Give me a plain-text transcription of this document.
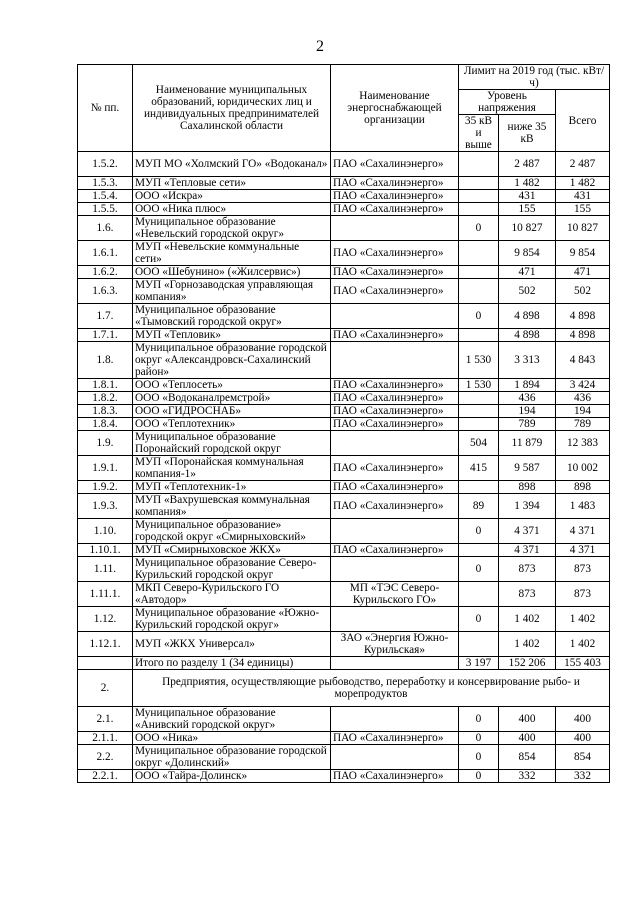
2
№ пп.	Наименование муниципальных образований, юридических лиц и индивидуальных предпринимателей Сахалинской области	Наименование энергоснабжающей организации	Лимит на 2019 год (тыс. кВт/ч)		
			Уровень напряжения		Всего
			35 кВ и выше	ниже 35 кВ	
1.5.2.	МУП МО «Холмский ГО» «Водоканал»	ПАО «Сахалинэнерго»		2 487	2 487
1.5.3.	МУП «Тепловые сети»	ПАО «Сахалинэнерго»		1 482	1 482
1.5.4.	ООО «Искра»	ПАО «Сахалинэнерго»		431	431
1.5.5.	ООО «Ника плюс»	ПАО «Сахалинэнерго»		155	155
1.6.	Муниципальное образование «Невельский городской округ»		0	10 827	10 827
1.6.1.	МУП «Невельские коммунальные сети»	ПАО «Сахалинэнерго»		9 854	9 854
1.6.2.	ООО «Шебунино» («Жилсервис»)	ПАО «Сахалинэнерго»		471	471
1.6.3.	МУП «Горнозаводская управляющая компания»	ПАО «Сахалинэнерго»		502	502
1.7.	Муниципальное образование «Тымовский городской округ»		0	4 898	4 898
1.7.1.	МУП «Тепловик»	ПАО «Сахалинэнерго»		4 898	4 898
1.8.	Муниципальное образование городской округ «Александровск-Сахалинский район»		1 530	3 313	4 843
1.8.1.	ООО «Теплосеть»	ПАО «Сахалинэнерго»	1 530	1 894	3 424
1.8.2.	ООО «Водоканалремстрой»	ПАО «Сахалинэнерго»		436	436
1.8.3.	ООО «ГИДРОСНАБ»	ПАО «Сахалинэнерго»		194	194
1.8.4.	ООО «Теплотехник»	ПАО «Сахалинэнерго»		789	789
1.9.	Муниципальное образование Поронайский городской округ		504	11 879	12 383
1.9.1.	МУП «Поронайская коммунальная компания-1»	ПАО «Сахалинэнерго»	415	9 587	10 002
1.9.2.	МУП «Теплотехник-1»	ПАО «Сахалинэнерго»		898	898
1.9.3.	МУП «Вахрушевская коммунальная компания»	ПАО «Сахалинэнерго»	89	1 394	1 483
1.10.	Муниципальное образование» городской округ «Смирныховский»		0	4 371	4 371
1.10.1.	МУП «Смирныховское ЖКХ»	ПАО «Сахалинэнерго»		4 371	4 371
1.11.	Муниципальное образование Северо-Курильский городской округ		0	873	873
1.11.1.	МКП Северо-Курильского ГО «Автодор»	МП «ТЭС Северо-Курильского ГО»		873	873
1.12.	Муниципальное образование «Южно-Курильский городской округ»		0	1 402	1 402
1.12.1.	МУП «ЖКХ Универсал»	ЗАО «Энергия Южно-Курильская»		1 402	1 402
	Итого по разделу 1 (34 единицы)		3 197	152 206	155 403
2.	Предприятия, осуществляющие рыбоводство, переработку и консервирование рыбо- и морепродуктов				
2.1.	Муниципальное образование «Анивский городской округ»		0	400	400
2.1.1.	ООО «Ника»	ПАО «Сахалинэнерго»	0	400	400
2.2.	Муниципальное образование городской округ «Долинский»		0	854	854
2.2.1.	ООО «Тайра-Долинск»	ПАО «Сахалинэнерго»	0	332	332
